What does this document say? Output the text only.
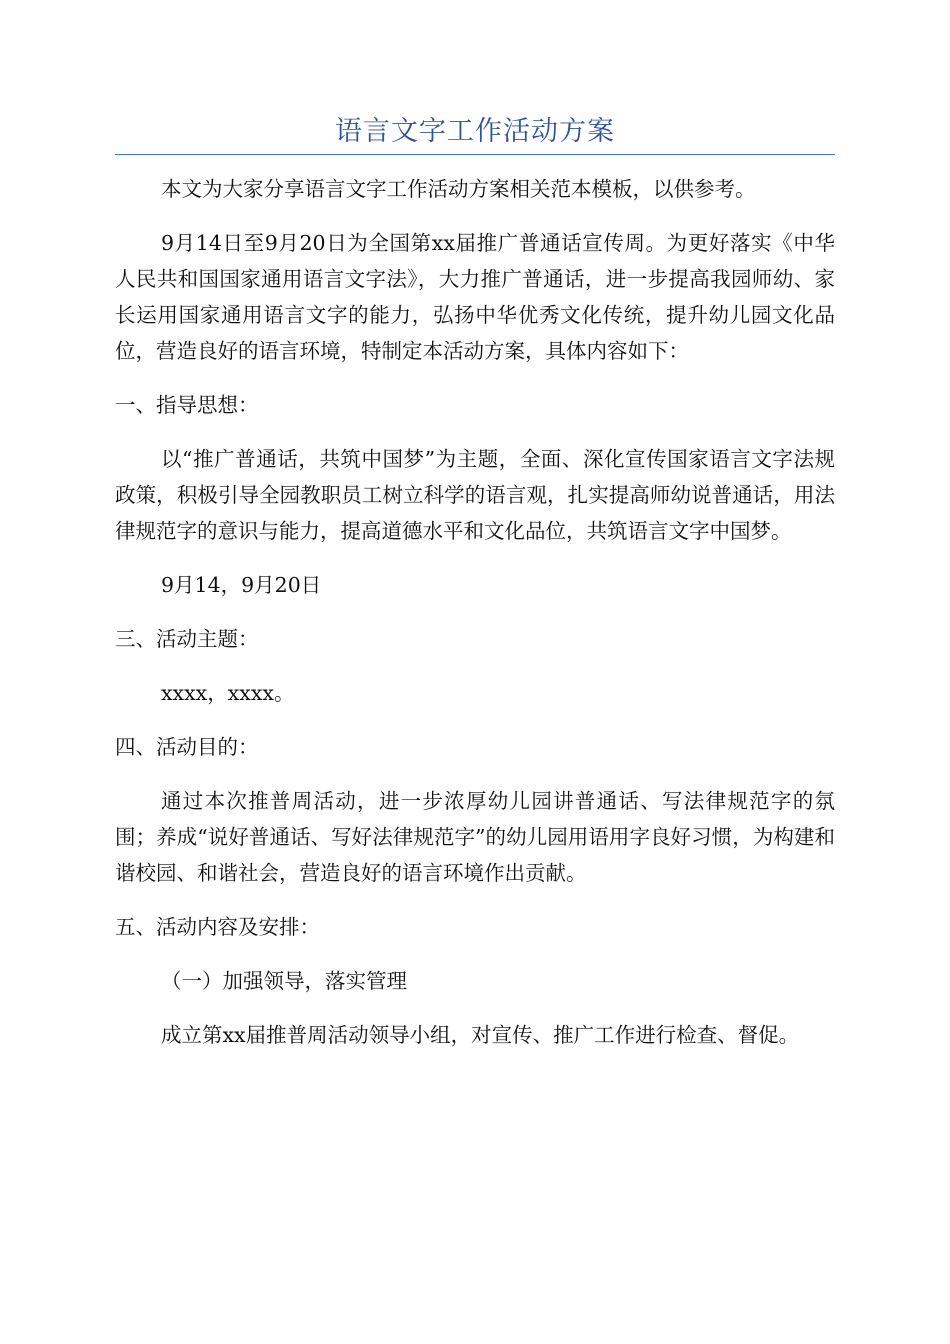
语言文字工作活动方案

本文为大家分享语言文字工作活动方案相关范本模板，以供参考。

9月14日至9月20日为全国第xx届推广普通话宣传周。为更好落实《中华人民共和国国家通用语言文字法》，大力推广普通话，进一步提高我园师幼、家长运用国家通用语言文字的能力，弘扬中华优秀文化传统，提升幼儿园文化品位，营造良好的语言环境，特制定本活动方案，具体内容如下：

一、指导思想：

以“推广普通话，共筑中国梦”为主题，全面、深化宣传国家语言文字法规政策，积极引导全园教职员工树立科学的语言观，扎实提高师幼说普通话，用法律规范字的意识与能力，提高道德水平和文化品位，共筑语言文字中国梦。

9月14，9月20日

三、活动主题：

xxxx，xxxx。

四、活动目的：

通过本次推普周活动，进一步浓厚幼儿园讲普通话、写法律规范字的氛围；养成“说好普通话、写好法律规范字”的幼儿园用语用字良好习惯，为构建和谐校园、和谐社会，营造良好的语言环境作出贡献。

五、活动内容及安排：

（一）加强领导，落实管理

成立第xx届推普周活动领导小组，对宣传、推广工作进行检查、督促。
